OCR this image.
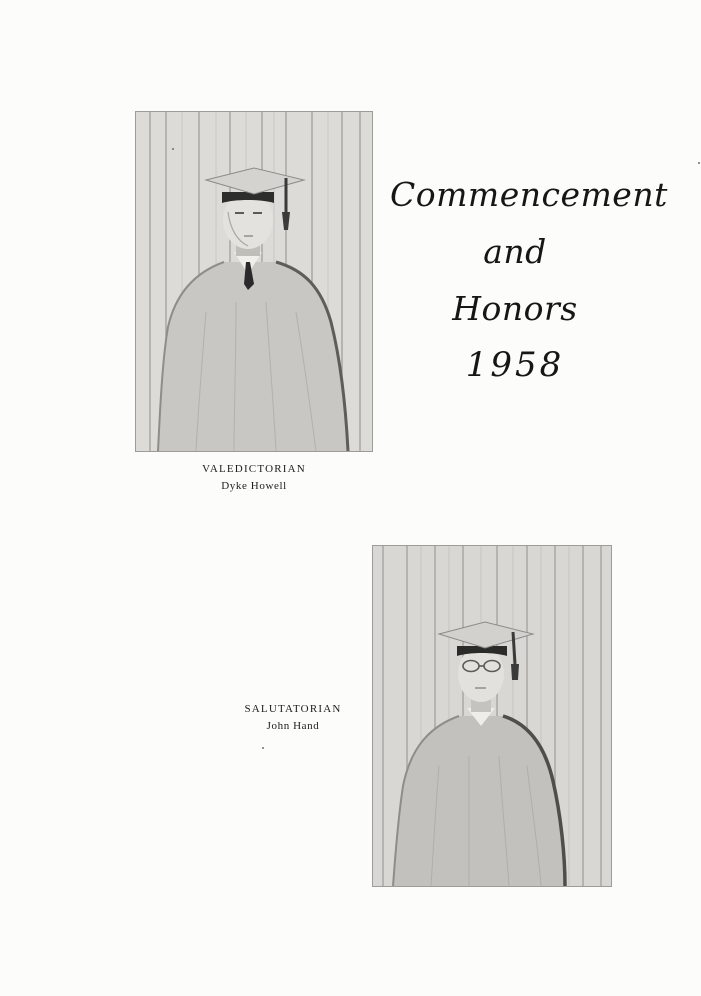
Commencement
and
Honors
1958
VALEDICTORIAN
Dyke Howell
SALUTATORIAN
John Hand
